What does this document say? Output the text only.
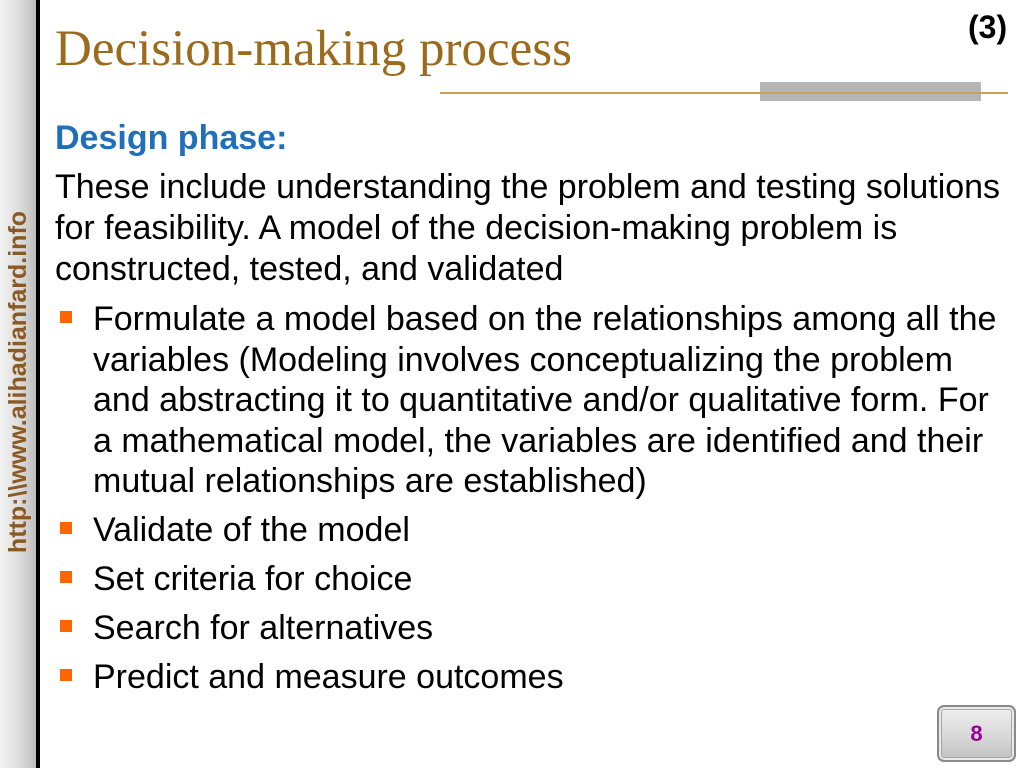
http:\\www.alihadianfard.info
Decision-making process	(3)
Design phase:
These include understanding the problem and testing solutions
for feasibility. A model of the decision-making problem is
constructed, tested, and validated
Formulate a model based on the relationships among all the
variables (Modeling involves conceptualizing the problem
and abstracting it to quantitative and/or qualitative form. For
a mathematical model, the variables are identified and their
mutual relationships are established)
Validate of the model
Set criteria for choice
Search for alternatives
Predict and measure outcomes
8
